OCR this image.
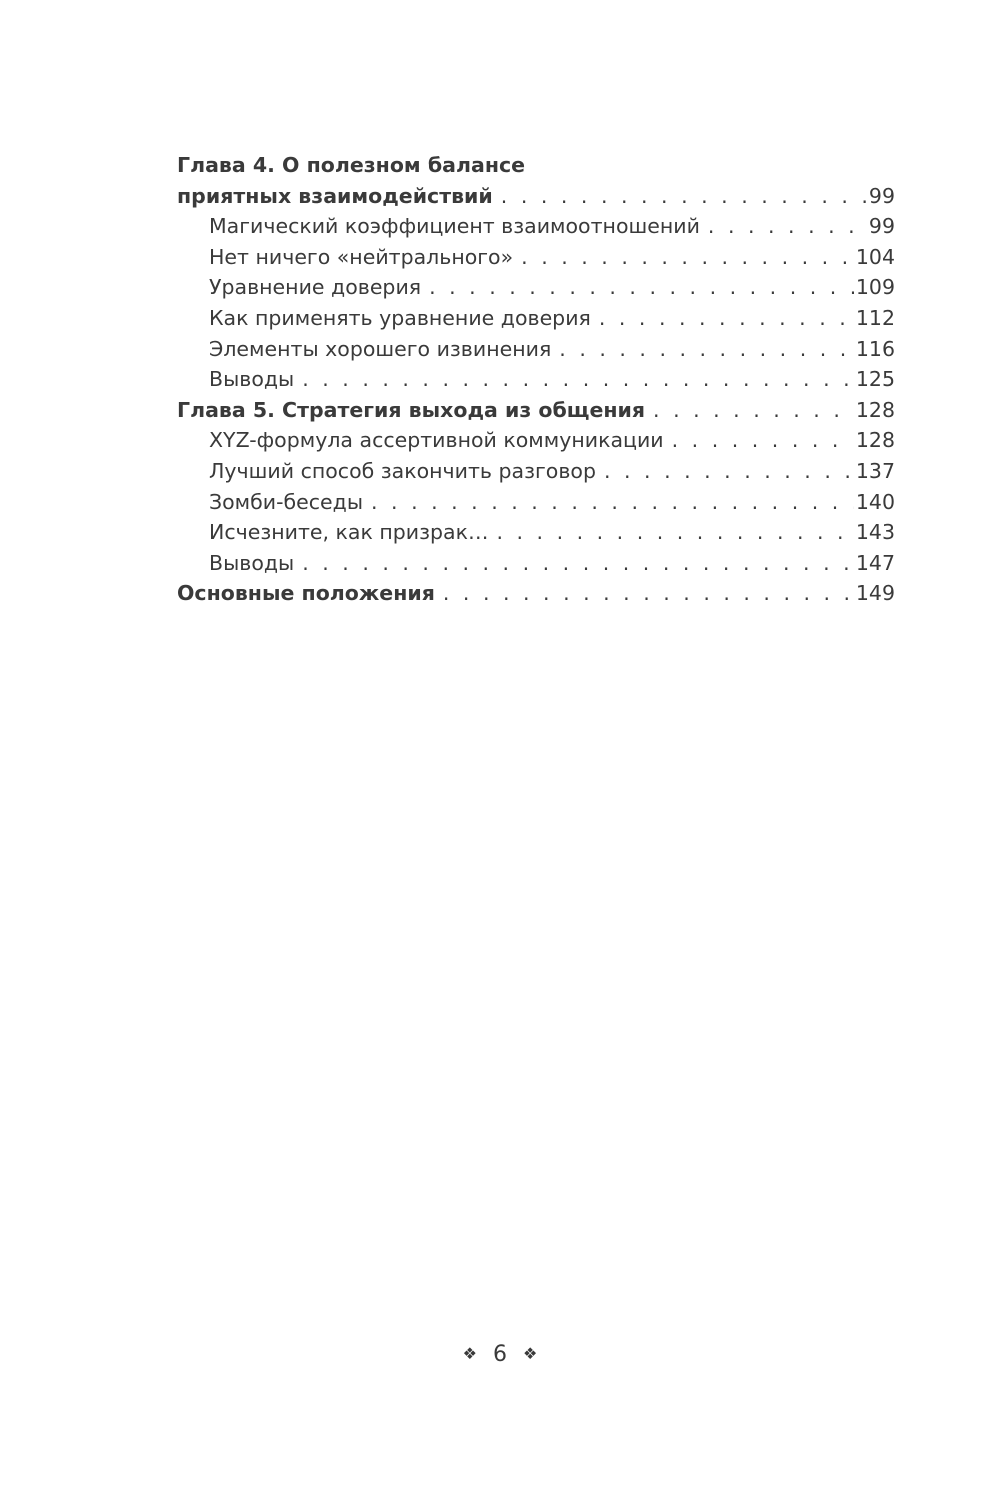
Глава 4. О полезном балансе
приятных взаимодействий . . .	99
Магический коэффициент взаимоотношений . . .	99
Нет ничего «нейтрального» . . .	104
Уравнение доверия . . .	109
Как применять уравнение доверия . . .	112
Элементы хорошего извинения . . .	116
Выводы . . .	125
Глава 5. Стратегия выхода из общения . . .	128
XYZ-формула ассертивной коммуникации . . .	128
Лучший способ закончить разговор . . .	137
Зомби-беседы . . .	140
Исчезните, как призрак… . . .	143
Выводы . . .	147
Основные положения . . .	149
❖ 6 ❖
